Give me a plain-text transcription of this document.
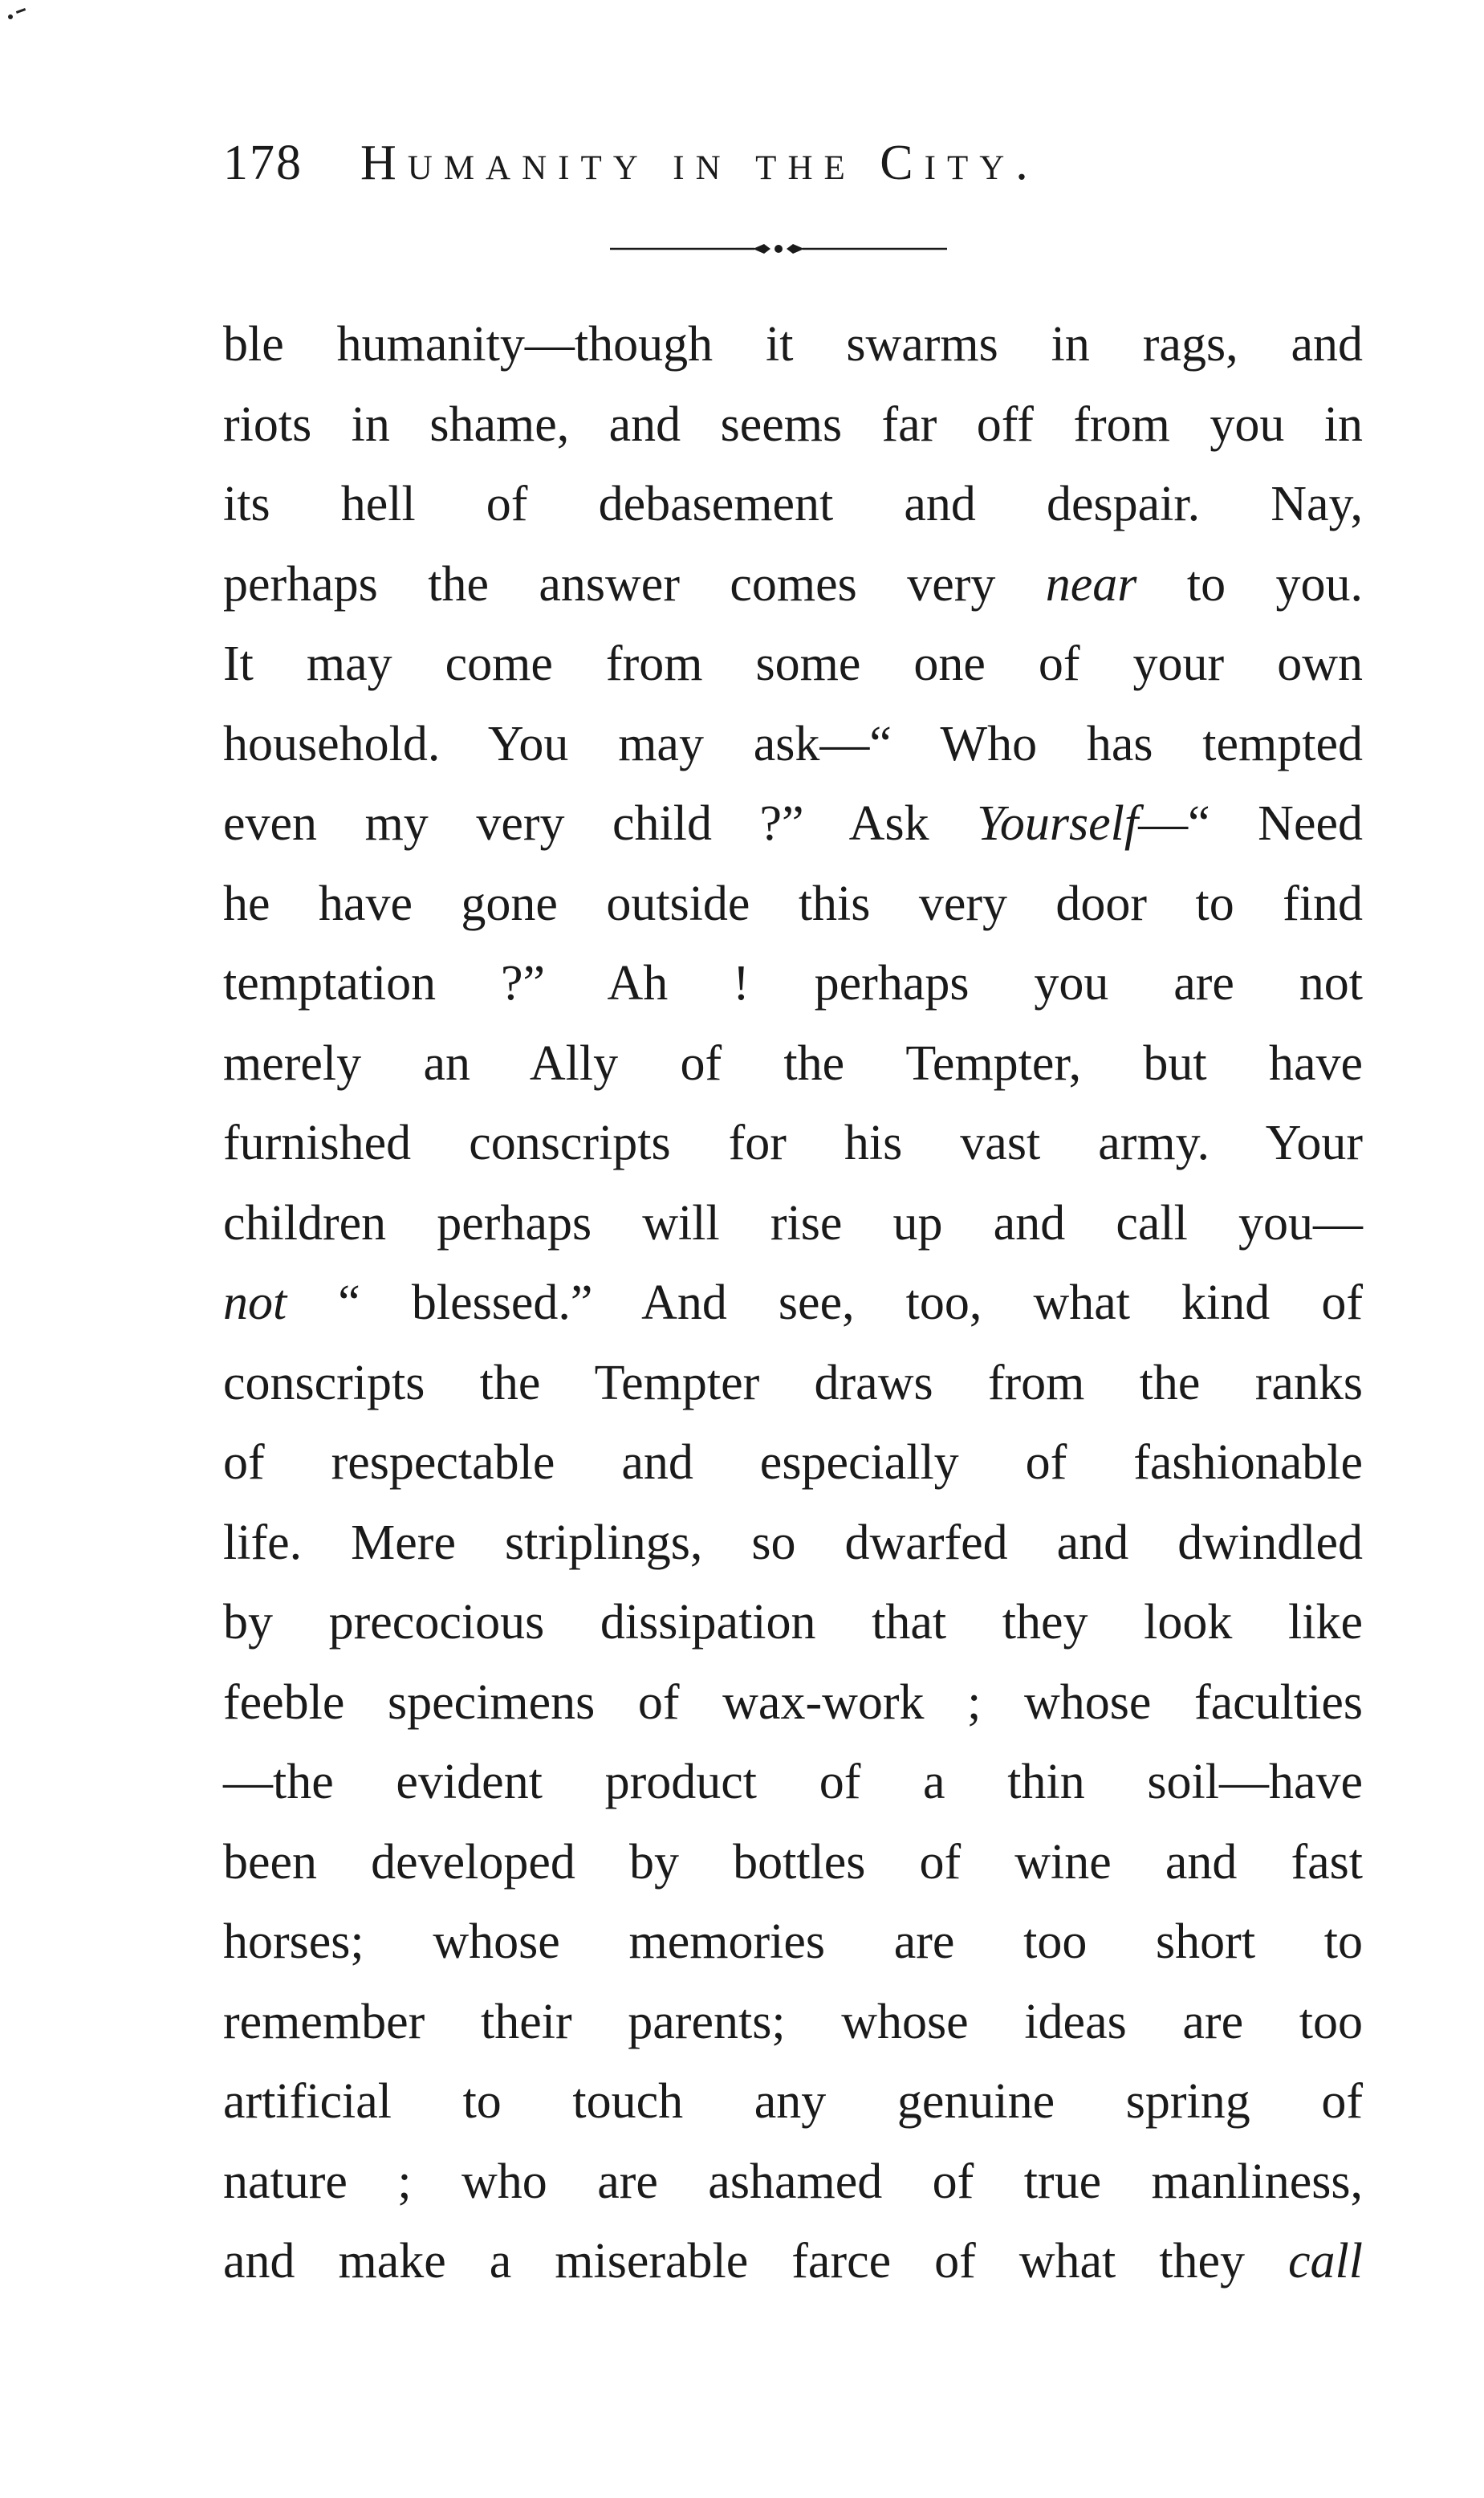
178 Humanity in the City.
ble humanity—though it swarms in rags, and
riots in shame, and seems far off from you in
its hell of debasement and despair. Nay,
perhaps the answer comes very near to you.
It may come from some one of your own
household. You may ask—“ Who has tempted
even my very child ?” Ask Yourself—“ Need
he have gone outside this very door to find
temptation ?” Ah ! perhaps you are not
merely an Ally of the Tempter, but have
furnished conscripts for his vast army. Your
children perhaps will rise up and call you—
not “ blessed.” And see, too, what kind of
conscripts the Tempter draws from the ranks
of respectable and especially of fashionable
life. Mere striplings, so dwarfed and dwindled
by precocious dissipation that they look like
feeble specimens of wax-work ; whose faculties
—the evident product of a thin soil—have
been developed by bottles of wine and fast
horses; whose memories are too short to
remember their parents; whose ideas are too
artificial to touch any genuine spring of
nature ; who are ashamed of true manliness,
and make a miserable farce of what they call
